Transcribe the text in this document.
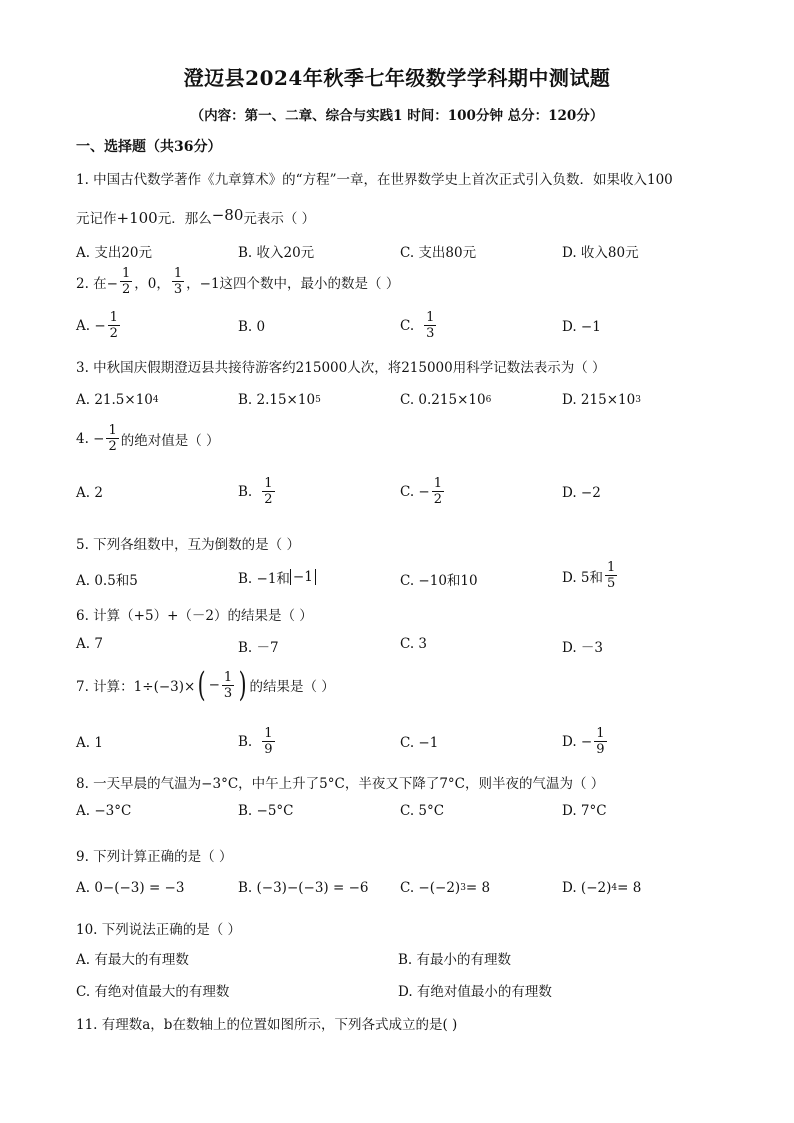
澄迈县2024年秋季七年级数学学科期中测试题
（内容：第一、二章、综合与实践1 时间：100分钟 总分：120分）
一、选择题（共36分）
1. 中国古代数学著作《九章算术》的“方程”一章，在世界数学史上首次正式引入负数．如果收入100
元记作+100元．那么−80元表示（ ）
A. 支出20元	B. 收入20元	C. 支出80元	D. 收入80元
2. 在− $\frac{1}{2}$ ，0， $\frac{1}{3}$ ，−1这四个数中，最小的数是（ ）
A. − $\frac{1}{2}$	B. 0	C. $\frac{1}{3}$	D. −1
3. 中秋国庆假期澄迈县共接待游客约215000人次，将215000用科学记数法表示为（ ）
A. 21.5×10 4	B. 2.15×10 5	C. 0.215×10 6	D. 215×10 3
4. − $\frac{1}{2}$ 的绝对值是（ ）
A. 2	B. $\frac{1}{2}$	C. − $\frac{1}{2}$	D. −2
5. 下列各组数中，互为倒数的是（ ）
A. 0.5和5	B. −1和 −1	C. −10和10	D. 5和 $\frac{1}{5}$
6. 计算（+5）+（－2）的结果是（ ）
A. 7	B. －7	C. 3	D. －3
7. 计算：1÷(−3)× ( − $\frac{1}{3}$ ) 的结果是（ ）
A. 1	B. $\frac{1}{9}$	C. −1	D. − $\frac{1}{9}$
8. 一天早晨的气温为−3°C，中午上升了5°C，半夜又下降了7°C，则半夜的气温为（ ）
A. −3°C	B. −5°C	C. 5°C	D. 7°C
9. 下列计算正确的是（ ）
A. 0−(−3) = −3	B. (−3)−(−3) = −6 C. −(−2) 3 = 8	D. (−2) 4 = 8
10. 下列说法正确的是（ ）
A. 有最大的有理数	B. 有最小的有理数
C. 有绝对值最大的有理数	D. 有绝对值最小的有理数
11. 有理数a，b在数轴上的位置如图所示，下列各式成立的是( )
